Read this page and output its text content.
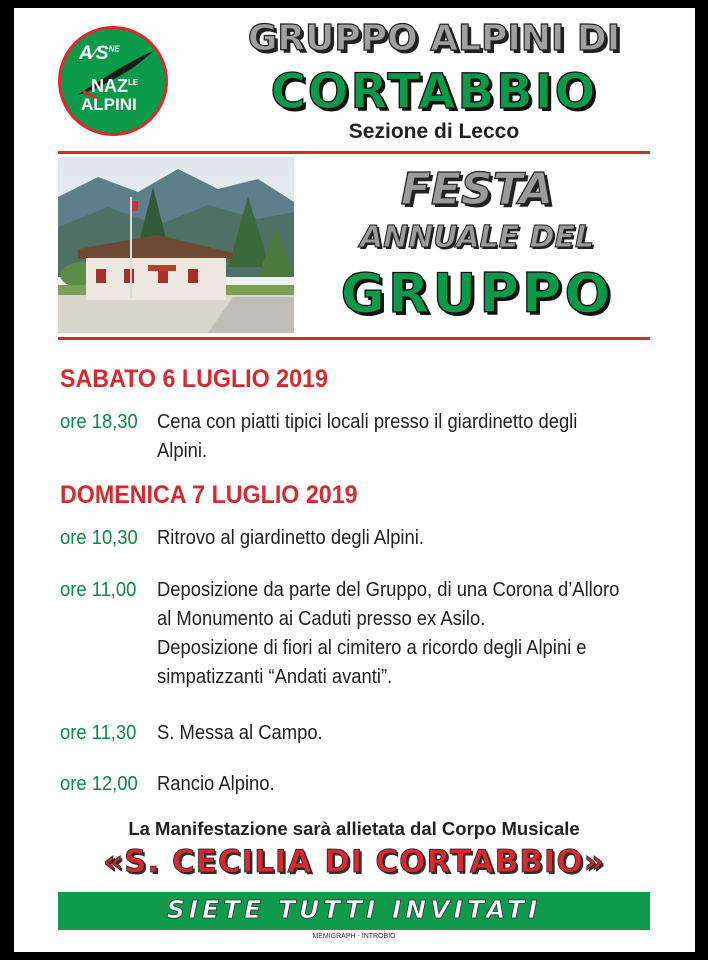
$A∕S^{NE}$
$NAZ^{LE}$
ALPINI
GRUPPO ALPINI DI
CORTABBIO
Sezione di Lecco
FESTA
ANNUALE DEL
GRUPPO
SABATO 6 LUGLIO 2019
ore 18,30 Cena con piatti tipici locali presso il giardinetto degli Alpini.
DOMENICA 7 LUGLIO 2019
ore 10,30 Ritrovo al giardinetto degli Alpini.
ore 11,00 Deposizione da parte del Gruppo, di una Corona d’Alloro
al Monumento ai Caduti presso ex Asilo.
Deposizione di fiori al cimitero a ricordo degli Alpini e
simpatizzanti “Andati avanti”.
ore 11,30 S. Messa al Campo.
ore 12,00 Rancio Alpino.
La Manifestazione sarà allietata dal Corpo Musicale
«S. CECILIA DI CORTABBIO»
SIETE TUTTI INVITATI
MEMIGRAPH - INTROBIO
